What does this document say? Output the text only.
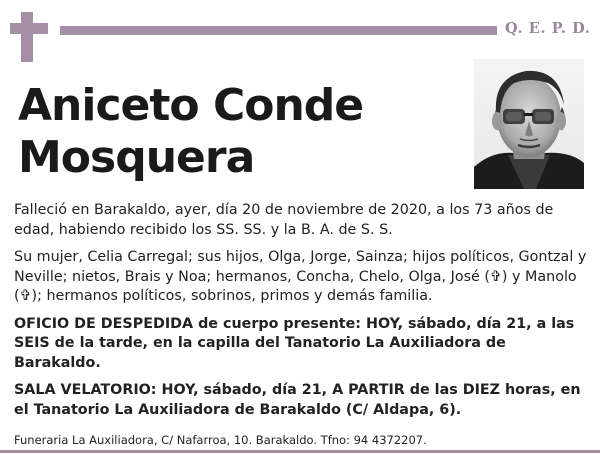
Q. E. P. D.
Aniceto Conde
Mosquera

Falleció en Barakaldo, ayer, día 20 de noviembre de 2020, a los 73 años de edad, habiendo recibido los SS. SS. y la B. A. de S. S.

Su mujer, Celia Carregal; sus hijos, Olga, Jorge, Sainza; hijos políticos, Gontzal y Neville; nietos, Brais y Noa; hermanos, Concha, Chelo, Olga, José (✞) y Manolo (✞); hermanos políticos, sobrinos, primos y demás familia.

OFICIO DE DESPEDIDA de cuerpo presente: HOY, sábado, día 21, a las SEIS de la tarde, en la capilla del Tanatorio La Auxiliadora de Barakaldo.

SALA VELATORIO: HOY, sábado, día 21, A PARTIR de las DIEZ horas, en el Tanatorio La Auxiliadora de Barakaldo (C/ Aldapa, 6).

Funeraria La Auxiliadora, C/ Nafarroa, 10. Barakaldo. Tfno: 94 4372207.
